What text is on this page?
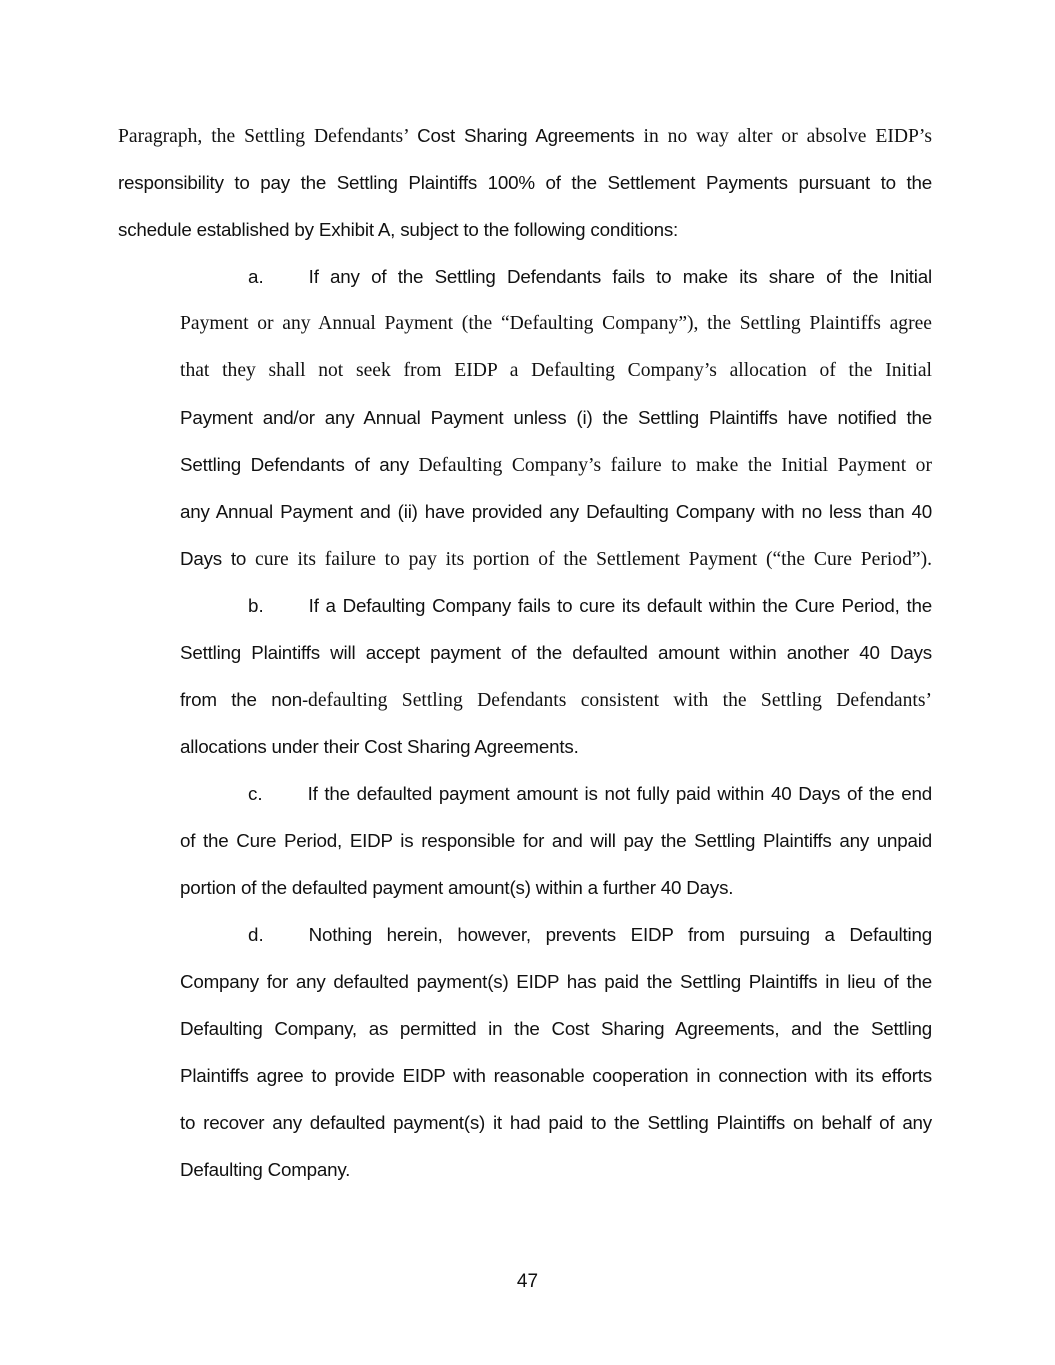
Paragraph, the Settling Defendants’ Cost Sharing Agreements in no way alter or absolve EIDP’s
responsibility to pay the Settling Plaintiffs 100% of the Settlement Payments pursuant to the
schedule established by Exhibit A, subject to the following conditions:
a. If any of the Settling Defendants fails to make its share of the Initial
Payment or any Annual Payment (the “Defaulting Company”), the Settling Plaintiffs agree
that they shall not seek from EIDP a Defaulting Company’s allocation of the Initial
Payment and/or any Annual Payment unless (i) the Settling Plaintiffs have notified the
Settling Defendants of any Defaulting Company’s failure to make the Initial Payment or
any Annual Payment and (ii) have provided any Defaulting Company with no less than 40
Days to cure its failure to pay its portion of the Settlement Payment (“the Cure Period”).
b. If a Defaulting Company fails to cure its default within the Cure Period, the
Settling Plaintiffs will accept payment of the defaulted amount within another 40 Days
from the non-defaulting Settling Defendants consistent with the Settling Defendants’
allocations under their Cost Sharing Agreements.
c. If the defaulted payment amount is not fully paid within 40 Days of the end
of the Cure Period, EIDP is responsible for and will pay the Settling Plaintiffs any unpaid
portion of the defaulted payment amount(s) within a further 40 Days.
d. Nothing herein, however, prevents EIDP from pursuing a Defaulting
Company for any defaulted payment(s) EIDP has paid the Settling Plaintiffs in lieu of the
Defaulting Company, as permitted in the Cost Sharing Agreements, and the Settling
Plaintiffs agree to provide EIDP with reasonable cooperation in connection with its efforts
to recover any defaulted payment(s) it had paid to the Settling Plaintiffs on behalf of any
Defaulting Company.
47
